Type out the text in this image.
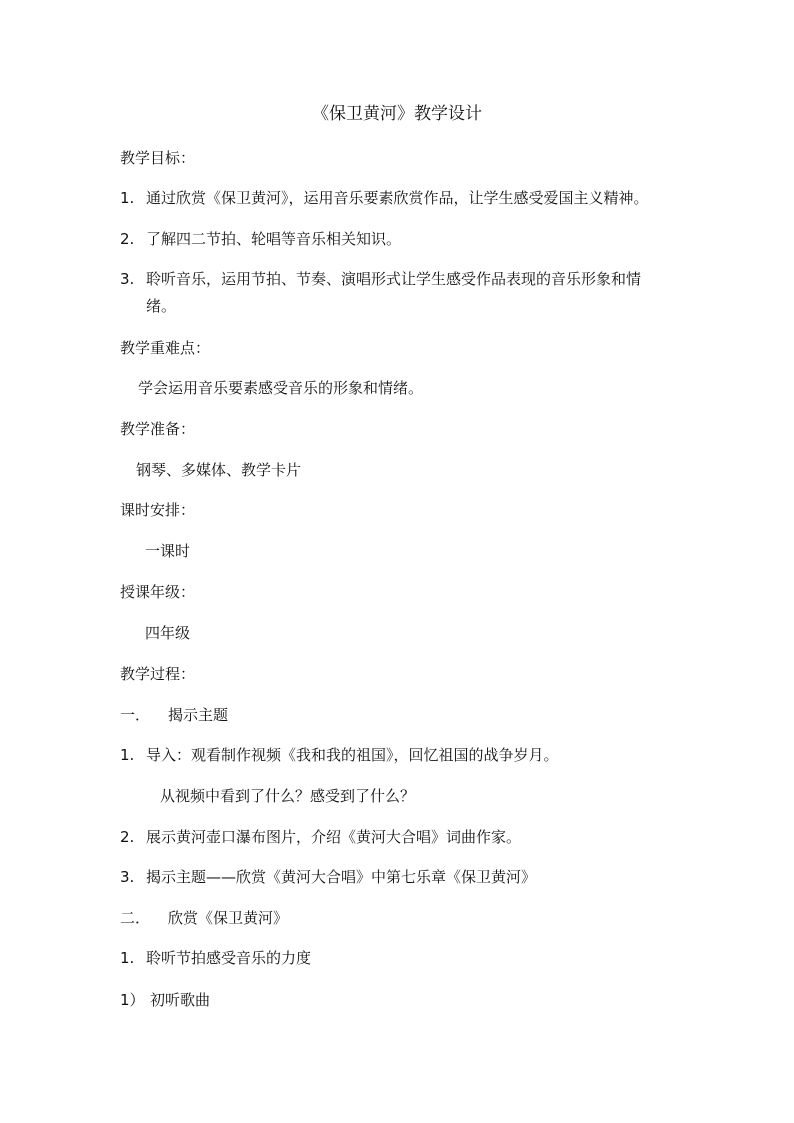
《保卫黄河》教学设计
教学目标：
1. 通过欣赏《保卫黄河》，运用音乐要素欣赏作品，让学生感受爱国主义精神。
2. 了解四二节拍、轮唱等音乐相关知识。
3. 聆听音乐，运用节拍、节奏、演唱形式让学生感受作品表现的音乐形象和情
绪。
教学重难点：
学会运用音乐要素感受音乐的形象和情绪。
教学准备：
钢琴、多媒体、教学卡片
课时安排：
一课时
授课年级：
四年级
教学过程：
一． 揭示主题
1. 导入：观看制作视频《我和我的祖国》，回忆祖国的战争岁月。
从视频中看到了什么？感受到了什么？
2. 展示黄河壶口瀑布图片，介绍《黄河大合唱》词曲作家。
3. 揭示主题——欣赏《黄河大合唱》中第七乐章《保卫黄河》
二． 欣赏《保卫黄河》
1. 聆听节拍感受音乐的力度
1） 初听歌曲
